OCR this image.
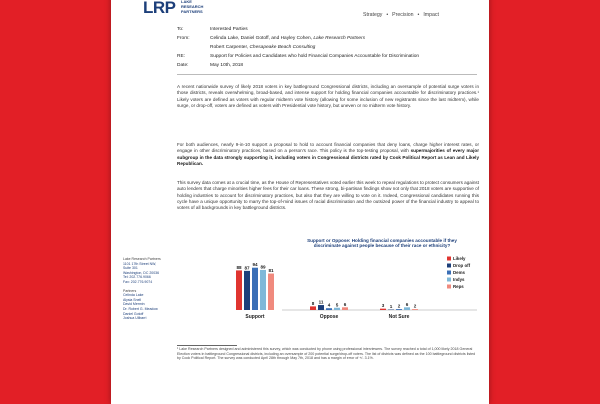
LRP LAKE
RESEARCH
PARTNERS
Strategy • Precision • Impact
To:	Interested Parties
From:	Celinda Lake, Daniel Gotoff, and Hayley Cohen, Lake Research Partners
Robert Carpenter, Chesapeake Beach Consulting
RE:	Support for Policies and Candidates who hold Financial Companies Accountable for Discrimination
Date:	May 10th, 2018
A recent nationwide survey of likely 2018 voters in key battleground Congressional districts, including an oversample of potential surge voters in those districts, reveals overwhelming, broad-based, and intense support for holding financial companies accountable for discriminatory practices.¹ Likely voters are defined as voters with regular midterm vote history (allowing for some inclusion of new registrants since the last midterm), while surge, or drop-off, voters are defined as voters with Presidential vote history, but uneven or no midterm vote history.
For both audiences, nearly 9-in-10 support a proposal to hold to account financial companies that deny loans, charge higher interest rates, or engage in other discriminatory practices, based on a person's race. This policy is the top-testing proposal, with supermajorities of every major subgroup in the data strongly supporting it, including voters in Congressional districts rated by Cook Political Report as Lean and Likely Republican.
This survey data comes at a crucial time, as the House of Representatives voted earlier this week to repeal regulations to protect consumers against auto lenders that charge minorities higher fees for their car loans. These strong, bi-partisan findings show not only that 2018 voters are supportive of holding industries to account for discriminatory practices, but also that they are willing to vote on it. Indeed, Congressional candidates running this cycle have a unique opportunity to marry the top-of-mind issues of racial discrimination and the outsized power of the financial industry to appeal to voters of all backgrounds in key battleground districts.
Lake Research Partners
1101 17th Street NW,
Suite 301
Washington, DC 20036
Tel: 202.776.9066
Fax: 202.776.9074
Partners
Celinda Lake
Alysia Snell
David Mermin
Dr. Robert G. Meadow
Daniel Gotoff
Joshua Ulibarri
Support or Oppose: Holding financial companies accountable if they discriminate against people because of their race or ethnicity?
88 87
94 89
81
Support
8 11
4 5 6
Oppose
3 1 2 6 2
Not Sure
Likely
Drop off
Dems
Indys
Reps
¹ Lake Research Partners designed and administered this survey, which was conducted by phone using professional interviewers. The survey reached a total of 1,000 likely 2018 General Election voters in battleground Congressional districts, including an oversample of 200 potential surge/drop-off voters. The list of districts was defined as the 100 battleground districts listed by Cook Political Report. The survey was conducted April 28th through May 7th, 2018 and has a margin of error of +/- 3.1%.
